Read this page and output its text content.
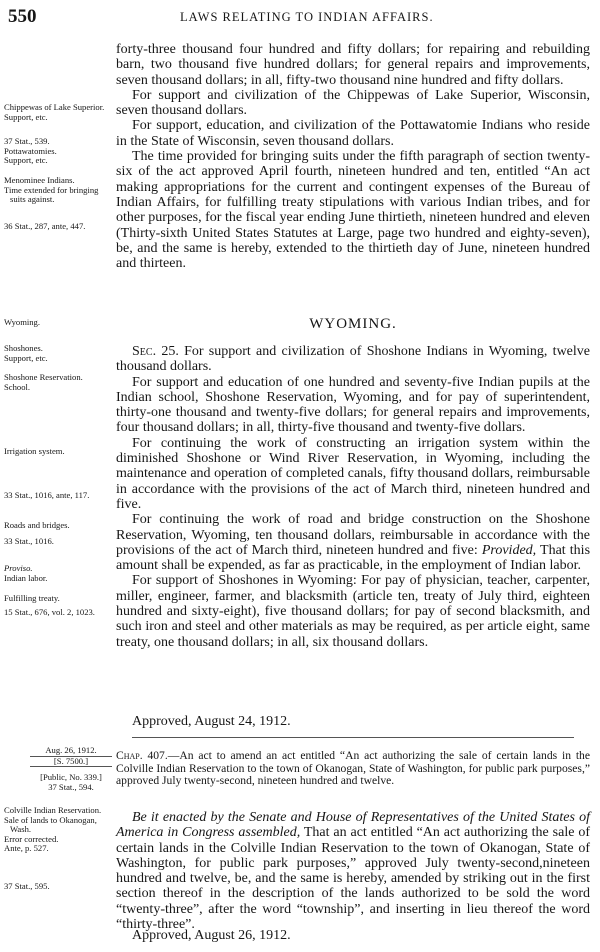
550	LAWS RELATING TO INDIAN AFFAIRS.
Chippewas of Lake Superior.
Support, etc.
37 Stat., 539.
Pottawatomies.
Support, etc.
Menominee Indians.
Time extended for bringing suits against.
36 Stat., 287, ante, 447.
Wyoming.
Shoshones.
Support, etc.
Shoshone Reservation.
School.
Irrigation system.
33 Stat., 1016, ante, 117.
Roads and bridges.
33 Stat., 1016.
Proviso.
Indian labor.
Fulfilling treaty.
15 Stat., 676, vol. 2, 1023.
Aug. 26, 1912.
[S. 7500.]
[Public, No. 339.]
37 Stat., 594.
Colville Indian Reservation.
Sale of lands to Okanogan, Wash.
Error corrected.
Ante, p. 527.
37 Stat., 595.

forty-three thousand four hundred and fifty dollars; for repairing and rebuilding barn, two thousand five hundred dollars; for general repairs and improvements, seven thousand dollars; in all, fifty-two thousand nine hundred and fifty dollars.

For support and civilization of the Chippewas of Lake Superior, Wisconsin, seven thousand dollars.

For support, education, and civilization of the Pottawatomie Indians who reside in the State of Wisconsin, seven thousand dollars.

The time provided for bringing suits under the fifth paragraph of section twenty-six of the act approved April fourth, nineteen hundred and ten, entitled “An act making appropriations for the current and contingent expenses of the Bureau of Indian Affairs, for fulfilling treaty stipulations with various Indian tribes, and for other purposes, for the fiscal year ending June thirtieth, nineteen hundred and eleven (Thirty-sixth United States Statutes at Large, page two hundred and eighty-seven), be, and the same is hereby, extended to the thirtieth day of June, nineteen hundred and thirteen.

WYOMING.

Sec. 25. For support and civilization of Shoshone Indians in Wyoming, twelve thousand dollars.

For support and education of one hundred and seventy-five Indian pupils at the Indian school, Shoshone Reservation, Wyoming, and for pay of superintendent, thirty-one thousand and twenty-five dollars; for general repairs and improvements, four thousand dollars; in all, thirty-five thousand and twenty-five dollars.

For continuing the work of constructing an irrigation system within the diminished Shoshone or Wind River Reservation, in Wyoming, including the maintenance and operation of completed canals, fifty thousand dollars, reimbursable in accordance with the provisions of the act of March third, nineteen hundred and five.

For continuing the work of road and bridge construction on the Shoshone Reservation, Wyoming, ten thousand dollars, reimbursable in accordance with the provisions of the act of March third, nineteen hundred and five: Provided, That this amount shall be expended, as far as practicable, in the employment of Indian labor.

For support of Shoshones in Wyoming: For pay of physician, teacher, carpenter, miller, engineer, farmer, and blacksmith (article ten, treaty of July third, eighteen hundred and sixty-eight), five thousand dollars; for pay of second blacksmith, and such iron and steel and other materials as may be required, as per article eight, same treaty, one thousand dollars; in all, six thousand dollars.

Approved, August 24, 1912.
Chap. 407.—An act to amend an act entitled “An act authorizing the sale of certain lands in the Colville Indian Reservation to the town of Okanogan, State of Washington, for public park purposes,” approved July twenty-second, nineteen hundred and twelve.

Be it enacted by the Senate and House of Representatives of the United States of America in Congress assembled, That an act entitled “An act authorizing the sale of certain lands in the Colville Indian Reservation to the town of Okanogan, State of Washington, for public park purposes,” approved July twenty-second,nineteen hundred and twelve, be, and the same is hereby, amended by striking out in the first section thereof in the description of the lands authorized to be sold the word “twenty-three”, after the word “township”, and inserting in lieu thereof the word “thirty-three”.

Approved, August 26, 1912.
